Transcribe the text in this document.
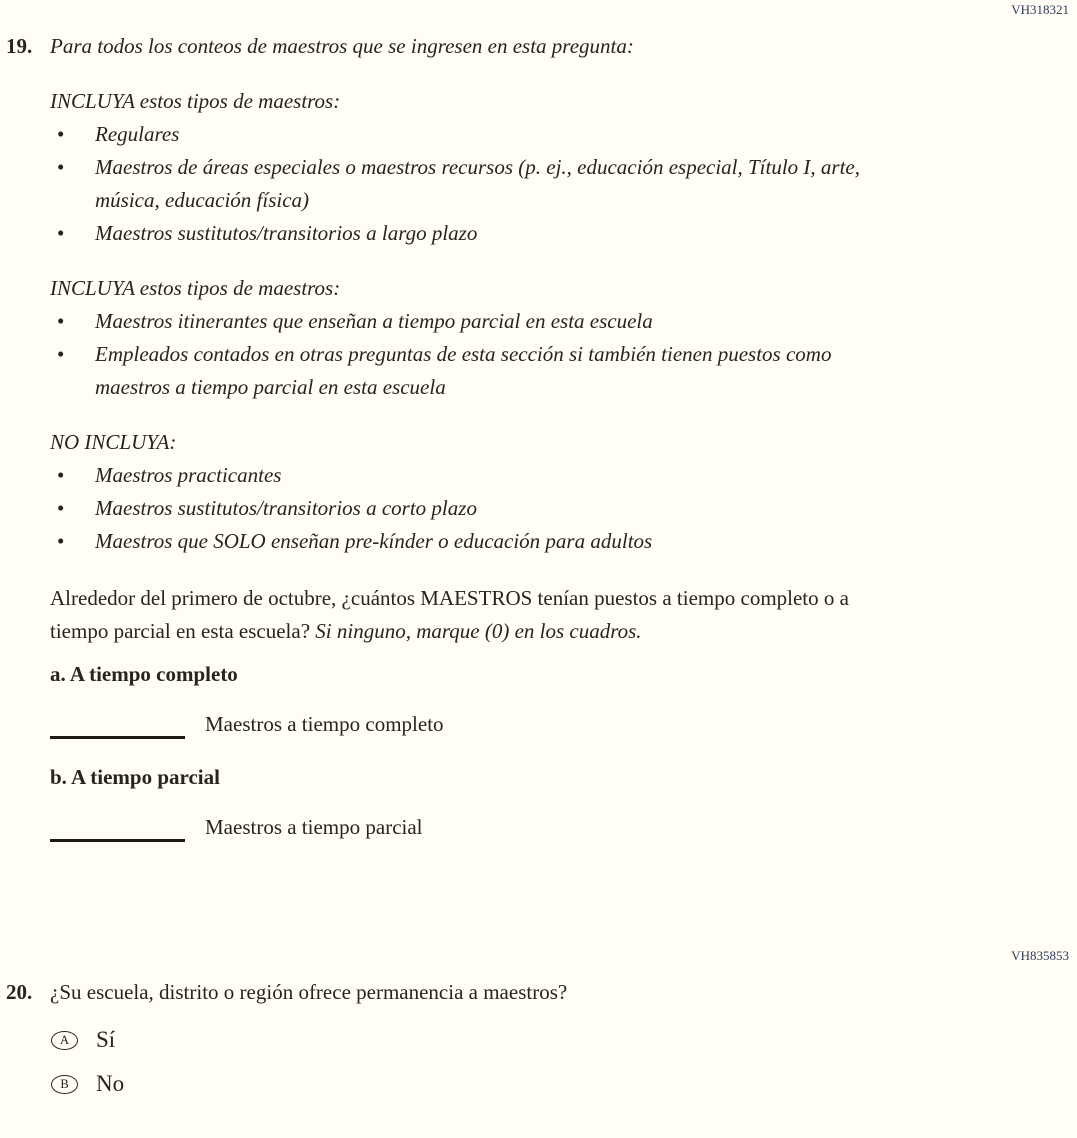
VH318321
19. Para todos los conteos de maestros que se ingresen en esta pregunta:
INCLUYA estos tipos de maestros:
•	Regulares
•	Maestros de áreas especiales o maestros recursos (p. ej., educación especial, Título I, arte, música, educación física)
•	Maestros sustitutos/transitorios a largo plazo
INCLUYA estos tipos de maestros:
•	Maestros itinerantes que enseñan a tiempo parcial en esta escuela
•	Empleados contados en otras preguntas de esta sección si también tienen puestos como maestros a tiempo parcial en esta escuela
NO INCLUYA:
•	Maestros practicantes
•	Maestros sustitutos/transitorios a corto plazo
•	Maestros que SOLO enseñan pre-kínder o educación para adultos
Alrededor del primero de octubre, ¿cuántos MAESTROS tenían puestos a tiempo completo o a tiempo parcial en esta escuela? Si ninguno, marque (0) en los cuadros.
a. A tiempo completo
Maestros a tiempo completo
b. A tiempo parcial
Maestros a tiempo parcial
VH835853
20. ¿Su escuela, distrito o región ofrece permanencia a maestros?
A	Sí
B	No
